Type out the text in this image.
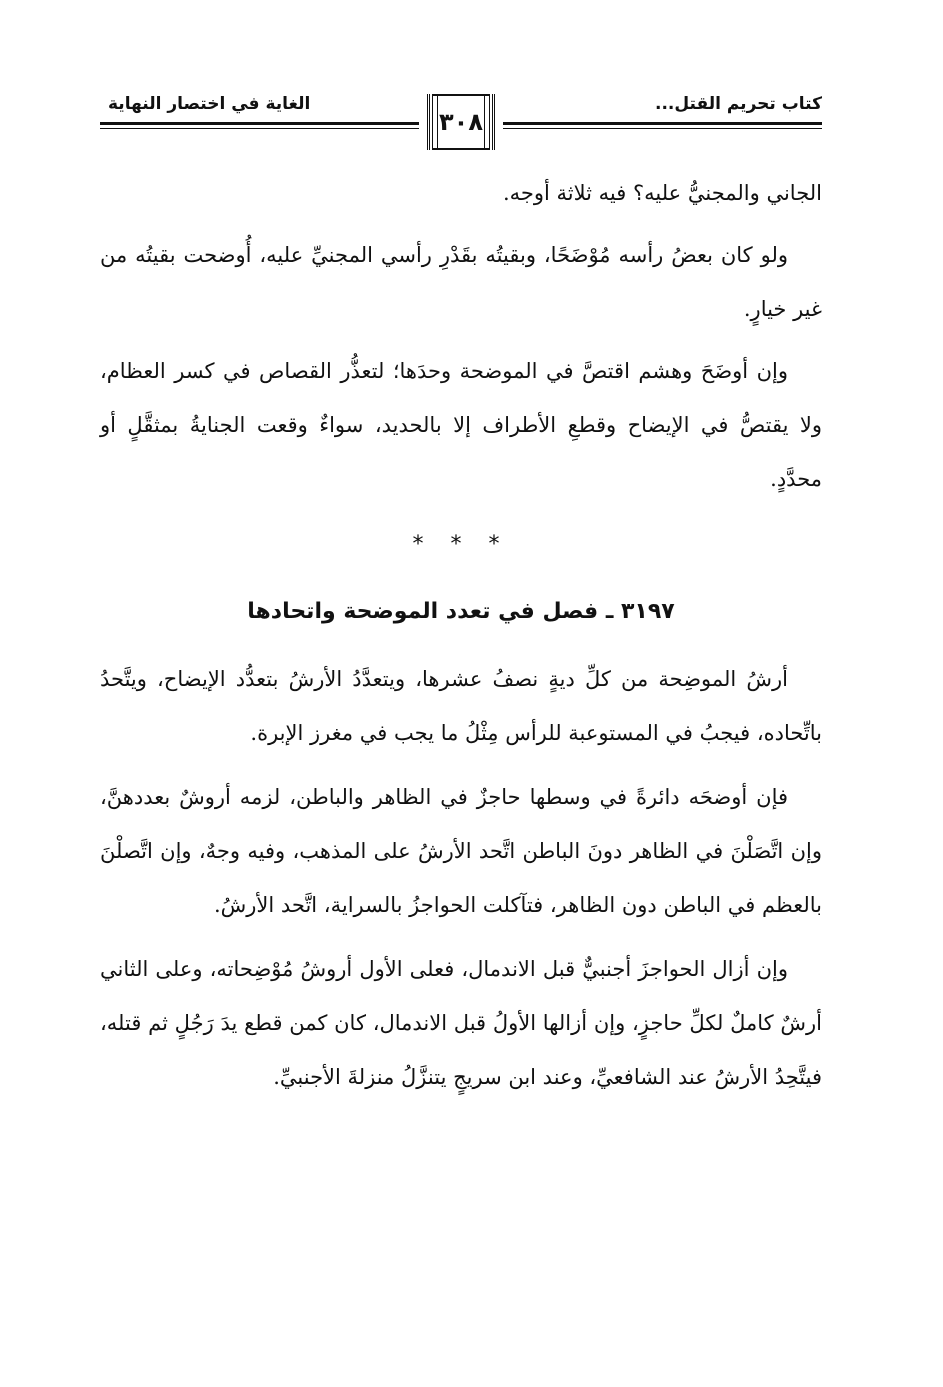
كتاب تحريم القتل...
الغاية في اختصار النهاية
٣٠٨

الجاني والمجنيُّ عليه؟ فيه ثلاثة أوجه.

ولو كان بعضُ رأسه مُوْضَحًا، وبقيتُه بقَدْرِ رأسي المجنيِّ عليه، أُوضحت بقيتُه من غير خيارٍ.

وإن أوضَحَ وهشم اقتصَّ في الموضحة وحدَها؛ لتعذُّر القصاص في كسر العظام، ولا يقتصُّ في الإيضاح وقطعِ الأطراف إلا بالحديد، سواءٌ وقعت الجنايةُ بمثقَّلٍ أو محدَّدٍ.

* * *
٣١٩٧ ـ فصل في تعدد الموضحة واتحادها

أرشُ الموضِحة من كلِّ ديةٍ نصفُ عشرها، ويتعدَّدُ الأرشُ بتعدُّد الإيضاح، ويتَّحدُ باتِّحاده، فيجبُ في المستوعبة للرأس مِثْلُ ما يجب في مغرز الإبرة.

فإن أوضحَه دائرةً في وسطها حاجزٌ في الظاهر والباطن، لزمه أروشٌ بعددهنَّ، وإن اتَّصَلْنَ في الظاهر دونَ الباطن اتَّحد الأرشُ على المذهب، وفيه وجهٌ، وإن اتَّصلْنَ بالعظم في الباطن دون الظاهر، فتآكلت الحواجزُ بالسراية، اتَّحد الأرشُ.

وإن أزال الحواجزَ أجنبيٌّ قبل الاندمال، فعلى الأول أروشُ مُوْضِحاته، وعلى الثاني أرشٌ كاملٌ لكلِّ حاجزٍ، وإن أزالها الأولُ قبل الاندمال، كان كمن قطع يدَ رَجُلٍ ثم قتله، فيتَّحِدُ الأرشُ عند الشافعيِّ، وعند ابن سريجٍ يتنزَّلُ منزلةَ الأجنبيِّ.
